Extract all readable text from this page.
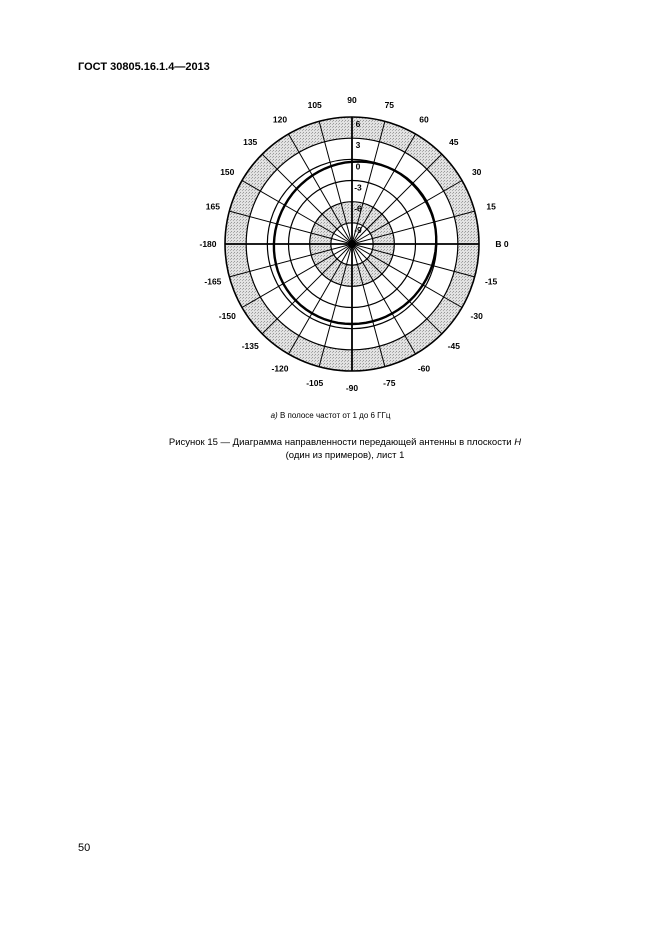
ГОСТ 30805.16.1.4—2013
В 0
15
30
45
60
75
90
105
120
135
150
165
-180
-165
-150
-135
-120
-105	-90	-75
-60
-45
-30
-15
6
3
0
-3
-6
-9
а) В полосе частот от 1 до 6 ГГц
Рисунок 15 — Диаграмма направленности передающей антенны в плоскости H
(один из примеров), лист 1
50
